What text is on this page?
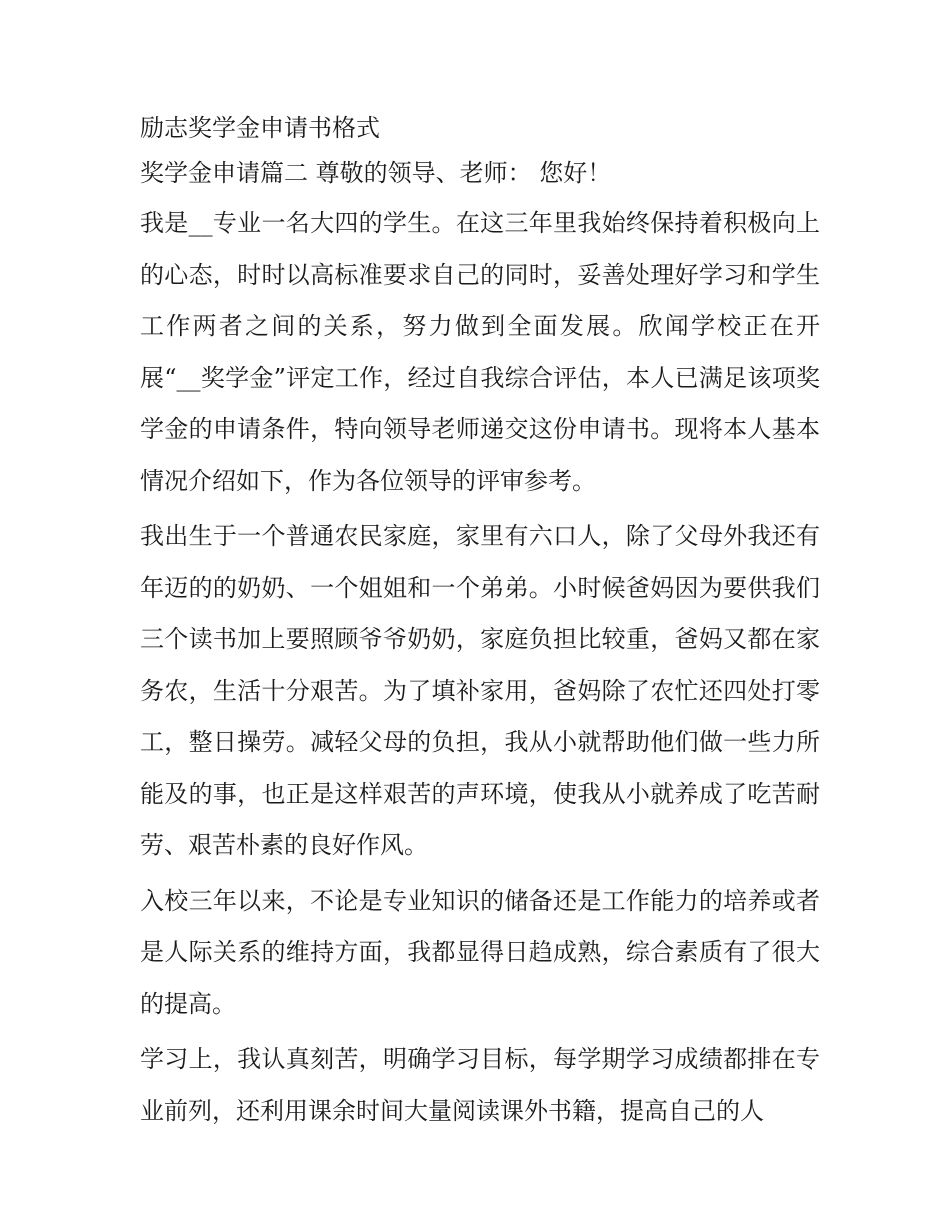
励志奖学金申请书格式

奖学金申请篇二 尊敬的领导、老师： 您好！

我是__专业一名大四的学生。在这三年里我始终保持着积极向上的心态，时时以高标准要求自己的同时，妥善处理好学习和学生工作两者之间的关系，努力做到全面发展。欣闻学校正在开展“__奖学金”评定工作，经过自我综合评估，本人已满足该项奖学金的申请条件，特向领导老师递交这份申请书。现将本人基本情况介绍如下，作为各位领导的评审参考。

我出生于一个普通农民家庭，家里有六口人，除了父母外我还有年迈的的奶奶、一个姐姐和一个弟弟。小时候爸妈因为要供我们三个读书加上要照顾爷爷奶奶，家庭负担比较重，爸妈又都在家务农，生活十分艰苦。为了填补家用，爸妈除了农忙还四处打零工，整日操劳。减轻父母的负担，我从小就帮助他们做一些力所能及的事，也正是这样艰苦的声环境，使我从小就养成了吃苦耐劳、艰苦朴素的良好作风。

入校三年以来，不论是专业知识的储备还是工作能力的培养或者是人际关系的维持方面，我都显得日趋成熟，综合素质有了很大的提高。

学习上，我认真刻苦，明确学习目标，每学期学习成绩都排在专业前列，还利用课余时间大量阅读课外书籍，提高自己的人
